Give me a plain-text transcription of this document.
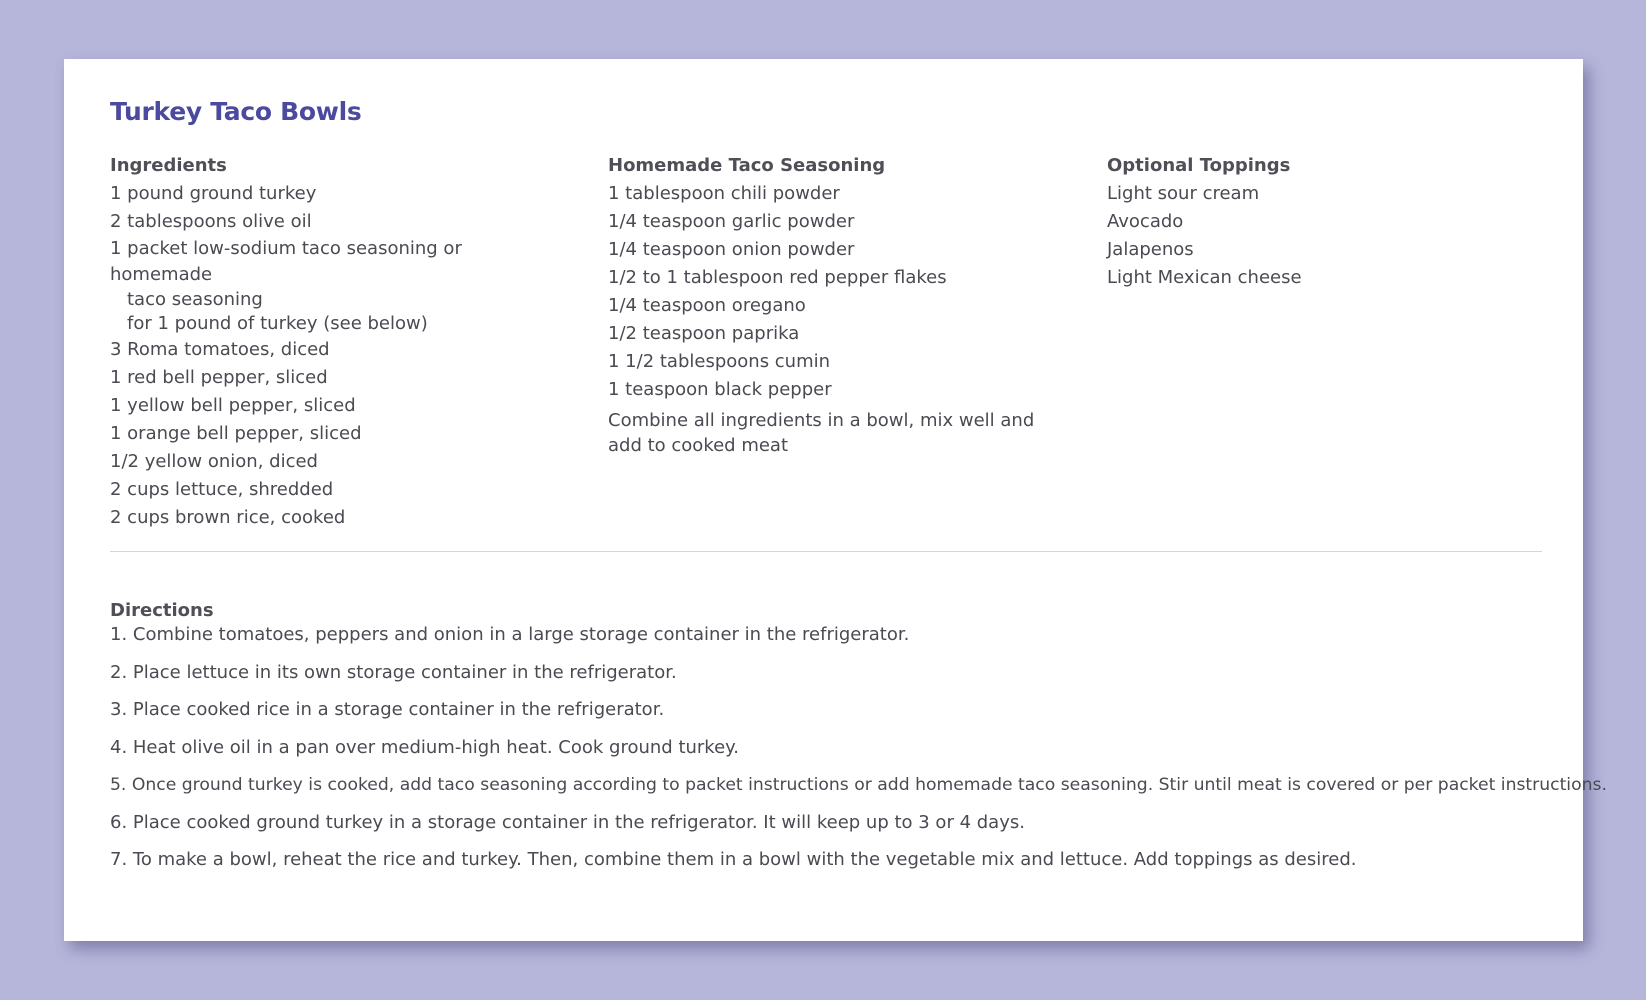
Turkey Taco Bowls
Ingredients
1 pound ground turkey
2 tablespoons olive oil
1 packet low-sodium taco seasoning or homemade
taco seasoning
for 1 pound of turkey (see below)
3 Roma tomatoes, diced
1 red bell pepper, sliced
1 yellow bell pepper, sliced
1 orange bell pepper, sliced
1/2 yellow onion, diced
2 cups lettuce, shredded
2 cups brown rice, cooked
Homemade Taco Seasoning
1 tablespoon chili powder
1/4 teaspoon garlic powder
1/4 teaspoon onion powder
1/2 to 1 tablespoon red pepper flakes
1/4 teaspoon oregano
1/2 teaspoon paprika
1 1/2 tablespoons cumin
1 teaspoon black pepper
Combine all ingredients in a bowl, mix well and add to cooked meat
Optional Toppings
Light sour cream
Avocado
Jalapenos
Light Mexican cheese
Directions
1. Combine tomatoes, peppers and onion in a large storage container in the refrigerator.
2. Place lettuce in its own storage container in the refrigerator.
3. Place cooked rice in a storage container in the refrigerator.
4. Heat olive oil in a pan over medium-high heat. Cook ground turkey.
5. Once ground turkey is cooked, add taco seasoning according to packet instructions or add homemade taco seasoning. Stir until meat is covered or per packet instructions.
6. Place cooked ground turkey in a storage container in the refrigerator. It will keep up to 3 or 4 days.
7. To make a bowl, reheat the rice and turkey. Then, combine them in a bowl with the vegetable mix and lettuce. Add toppings as desired.
